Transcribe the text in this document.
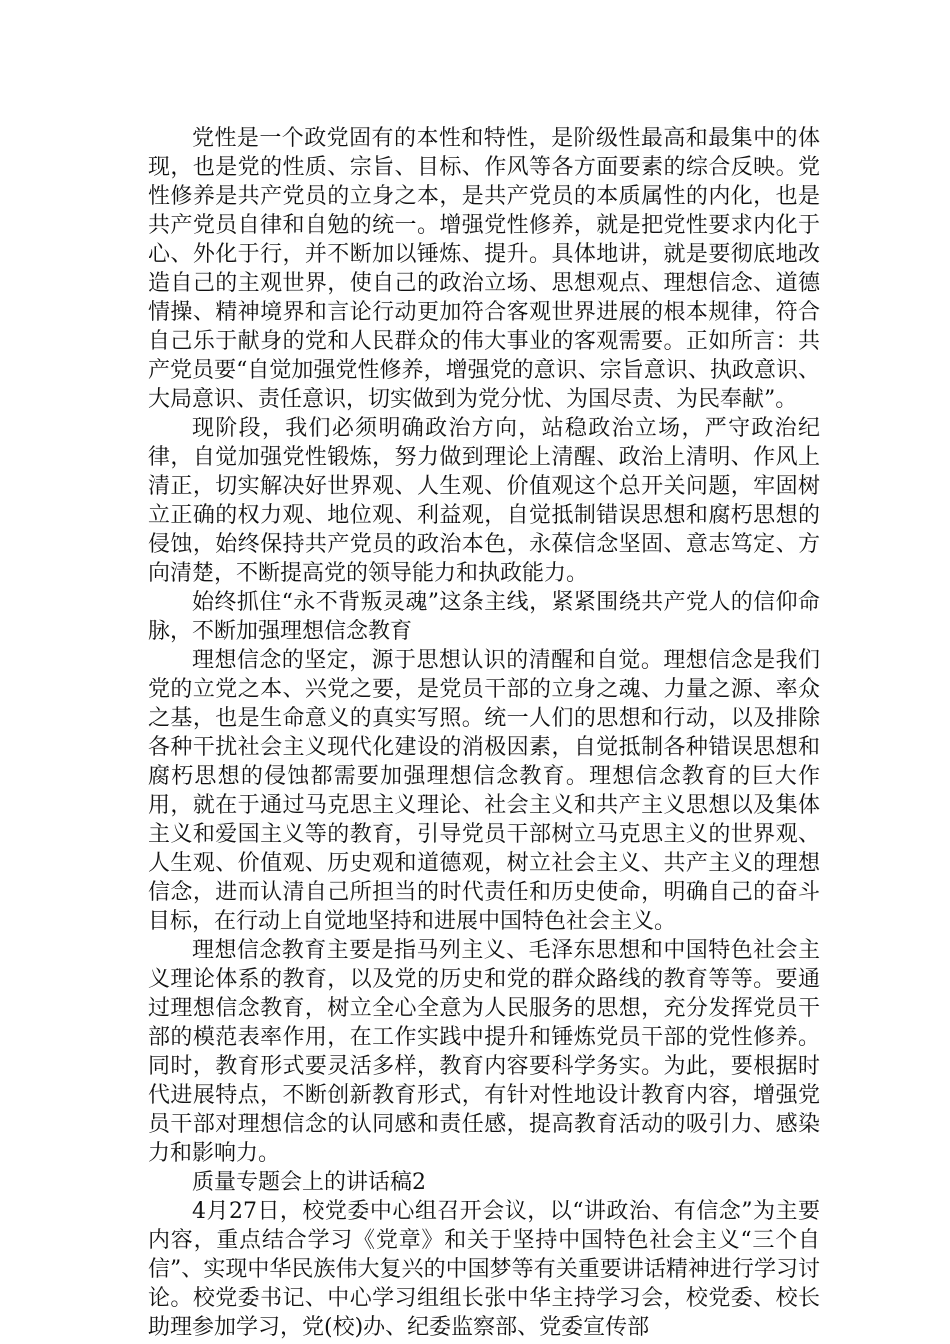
党性是一个政党固有的本性和特性，是阶级性最高和最集中的体现，也是党的性质、宗旨、目标、作风等各方面要素的综合反映。党性修养是共产党员的立身之本，是共产党员的本质属性的内化，也是共产党员自律和自勉的统一。增强党性修养，就是把党性要求内化于心、外化于行，并不断加以锤炼、提升。具体地讲，就是要彻底地改造自己的主观世界，使自己的政治立场、思想观点、理想信念、道德情操、精神境界和言论行动更加符合客观世界进展的根本规律，符合自己乐于献身的党和人民群众的伟大事业的客观需要。正如所言：共产党员要“自觉加强党性修养，增强党的意识、宗旨意识、执政意识、大局意识、责任意识，切实做到为党分忧、为国尽责、为民奉献”。

现阶段，我们必须明确政治方向，站稳政治立场，严守政治纪律，自觉加强党性锻炼，努力做到理论上清醒、政治上清明、作风上清正，切实解决好世界观、人生观、价值观这个总开关问题，牢固树立正确的权力观、地位观、利益观，自觉抵制错误思想和腐朽思想的侵蚀，始终保持共产党员的政治本色，永葆信念坚固、意志笃定、方向清楚，不断提高党的领导能力和执政能力。

始终抓住“永不背叛灵魂”这条主线，紧紧围绕共产党人的信仰命脉，不断加强理想信念教育

理想信念的坚定，源于思想认识的清醒和自觉。理想信念是我们党的立党之本、兴党之要，是党员干部的立身之魂、力量之源、率众之基，也是生命意义的真实写照。统一人们的思想和行动，以及排除各种干扰社会主义现代化建设的消极因素，自觉抵制各种错误思想和腐朽思想的侵蚀都需要加强理想信念教育。理想信念教育的巨大作用，就在于通过马克思主义理论、社会主义和共产主义思想以及集体主义和爱国主义等的教育，引导党员干部树立马克思主义的世界观、人生观、价值观、历史观和道德观，树立社会主义、共产主义的理想信念，进而认清自己所担当的时代责任和历史使命，明确自己的奋斗目标，在行动上自觉地坚持和进展中国特色社会主义。

理想信念教育主要是指马列主义、毛泽东思想和中国特色社会主义理论体系的教育，以及党的历史和党的群众路线的教育等等。要通过理想信念教育，树立全心全意为人民服务的思想，充分发挥党员干部的模范表率作用，在工作实践中提升和锤炼党员干部的党性修养。同时，教育形式要灵活多样，教育内容要科学务实。为此，要根据时代进展特点，不断创新教育形式，有针对性地设计教育内容，增强党员干部对理想信念的认同感和责任感，提高教育活动的吸引力、感染力和影响力。

质量专题会上的讲话稿2

4月27日，校党委中心组召开会议，以“讲政治、有信念”为主要内容，重点结合学习《党章》和关于坚持中国特色社会主义“三个自信”、实现中华民族伟大复兴的中国梦等有关重要讲话精神进行学习讨论。校党委书记、中心学习组组长张中华主持学习会，校党委、校长助理参加学习，党(校)办、纪委监察部、党委宣传部
